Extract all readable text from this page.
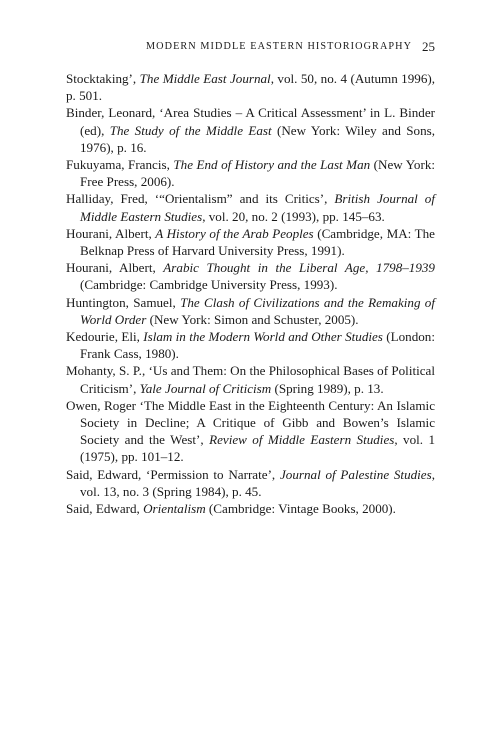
MODERN MIDDLE EASTERN HISTORIOGRAPHY 25
Stocktaking’, The Middle East Journal, vol. 50, no. 4 (Autumn 1996), p. 501.
Binder, Leonard, ‘Area Studies – A Critical Assessment’ in L. Binder (ed), The Study of the Middle East (New York: Wiley and Sons, 1976), p. 16.
Fukuyama, Francis, The End of History and the Last Man (New York: Free Press, 2006).
Halliday, Fred, ‘“Orientalism” and its Critics’, British Journal of Middle Eastern Studies, vol. 20, no. 2 (1993), pp. 145–63.
Hourani, Albert, A History of the Arab Peoples (Cambridge, MA: The Belknap Press of Harvard University Press, 1991).
Hourani, Albert, Arabic Thought in the Liberal Age, 1798–1939 (Cambridge: Cambridge University Press, 1993).
Huntington, Samuel, The Clash of Civilizations and the Remaking of World Order (New York: Simon and Schuster, 2005).
Kedourie, Eli, Islam in the Modern World and Other Studies (London: Frank Cass, 1980).
Mohanty, S. P., ‘Us and Them: On the Philosophical Bases of Political Criticism’, Yale Journal of Criticism (Spring 1989), p. 13.
Owen, Roger ‘The Middle East in the Eighteenth Century: An Islamic Society in Decline; A Critique of Gibb and Bowen’s Islamic Society and the West’, Review of Middle Eastern Studies, vol. 1 (1975), pp. 101–12.
Said, Edward, ‘Permission to Narrate’, Journal of Palestine Studies, vol. 13, no. 3 (Spring 1984), p. 45.
Said, Edward, Orientalism (Cambridge: Vintage Books, 2000).
